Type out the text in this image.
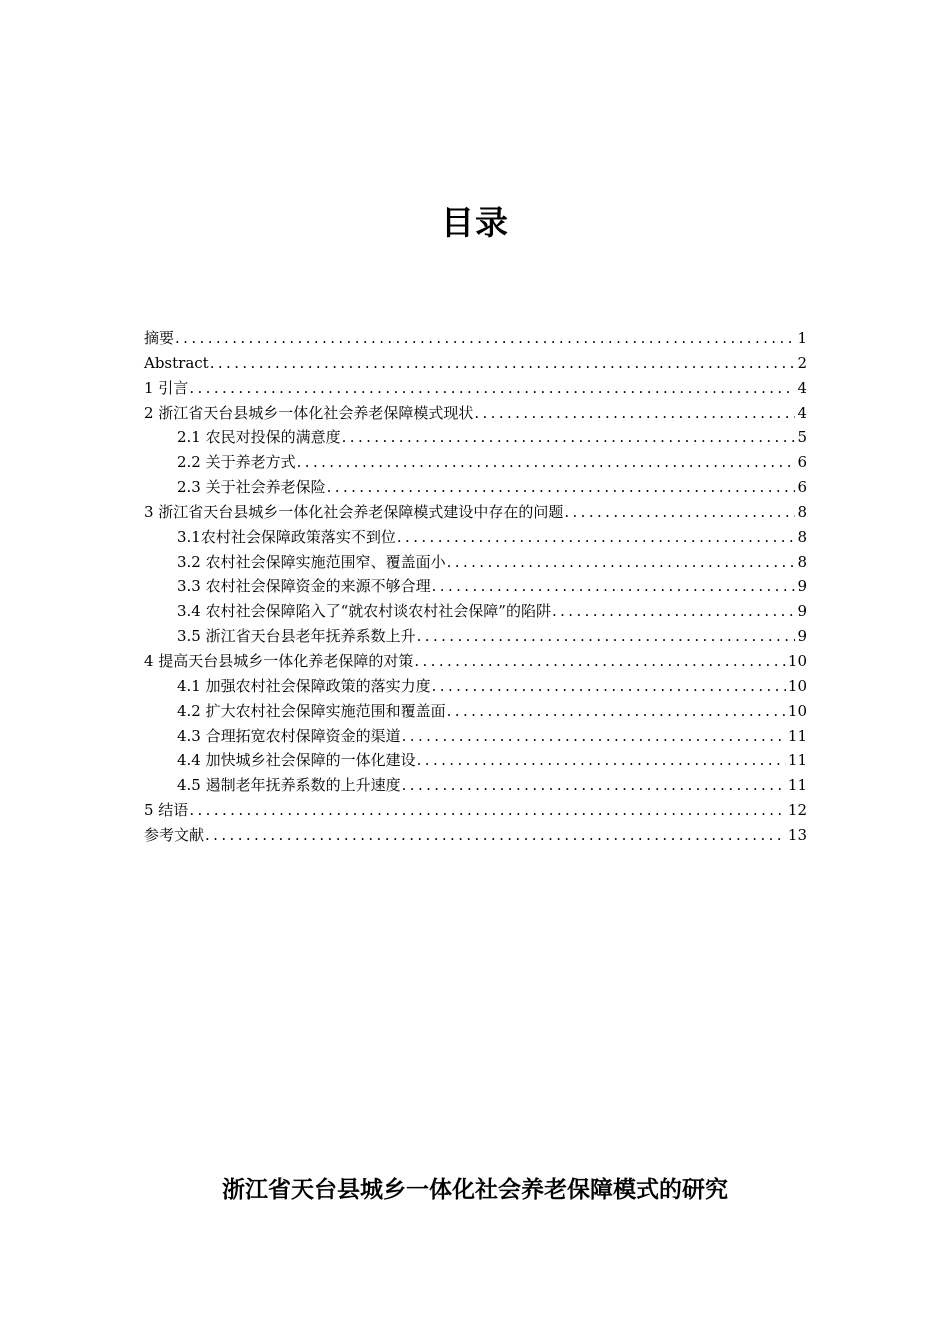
目录
摘要 .....	1
Abstract .....	2
1 引言 .....	4
2 浙江省天台县城乡一体化社会养老保障模式现状 .....	4
2.1 农民对投保的满意度 .....	5
2.2 关于养老方式 .....	6
2.3 关于社会养老保险 .....	6
3 浙江省天台县城乡一体化社会养老保障模式建设中存在的问题 .....	8
3.1农村社会保障政策落实不到位 .....	8
3.2 农村社会保障实施范围窄、覆盖面小 .....	8
3.3 农村社会保障资金的来源不够合理 .....	9
3.4 农村社会保障陷入了“就农村谈农村社会保障”的陷阱 .....	9
3.5 浙江省天台县老年抚养系数上升 .....	9
4 提高天台县城乡一体化养老保障的对策 .....	10
4.1 加强农村社会保障政策的落实力度 .....	10
4.2 扩大农村社会保障实施范围和覆盖面 .....	10
4.3 合理拓宽农村保障资金的渠道 .....	11
4.4 加快城乡社会保障的一体化建设 .....	11
4.5 遏制老年抚养系数的上升速度 .....	11
5 结语 .....	12
参考文献 .....	13
浙江省天台县城乡一体化社会养老保障模式的研究
